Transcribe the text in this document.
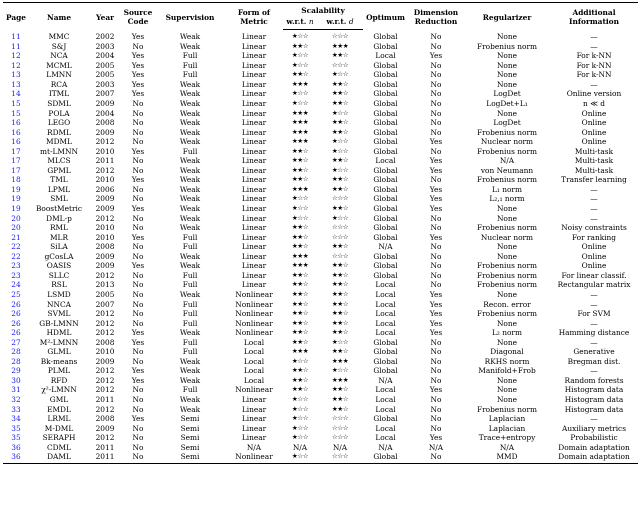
Page	Name	Year	Source
Code	Supervision	Form of
Metric	Scalability		Optimum	Dimension
Reduction	Regularizer	Additional
Information

						w.r.t. n	w.r.t. d				

11	MMC	2002	Yes	Weak	Linear	★☆☆	☆☆☆	Global	No	None	—
11	S&J	2003	No	Weak	Linear	★★☆	★★★	Global	No	Frobenius norm	—
12	NCA	2004	Yes	Full	Linear	★☆☆	★★☆	Local	Yes	None	For k-NN
12	MCML	2005	Yes	Full	Linear	★☆☆	☆☆☆	Global	No	None	For k-NN
13	LMNN	2005	Yes	Full	Linear	★★☆	★☆☆	Global	No	None	For k-NN
13	RCA	2003	Yes	Weak	Linear	★★★	★★☆	Global	No	None	—
14	ITML	2007	Yes	Weak	Linear	★☆☆	★★☆	Global	No	LogDet	Online version
15	SDML	2009	No	Weak	Linear	★☆☆	★★☆	Global	No	LogDet+L₁	n ≪ d
15	POLA	2004	No	Weak	Linear	★★★	★☆☆	Global	No	None	Online
16	LEGO	2008	No	Weak	Linear	★★★	★★☆	Global	No	LogDet	Online
16	RDML	2009	No	Weak	Linear	★★★	★★☆	Global	No	Frobenius norm	Online
16	MDML	2012	No	Weak	Linear	★★★	★☆☆	Global	Yes	Nuclear norm	Online
17	mt-LMNN	2010	Yes	Full	Linear	★★☆	★☆☆	Global	No	Frobenius norm	Multi-task
17	MLCS	2011	No	Weak	Linear	★★☆	★★☆	Local	Yes	N/A	Multi-task
17	GPML	2012	No	Weak	Linear	★★☆	★☆☆	Global	Yes	von Neumann	Multi-task
18	TML	2010	Yes	Weak	Linear	★★☆	★★☆	Global	No	Frobenius norm	Transfer learning
19	LPML	2006	No	Weak	Linear	★★★	★★☆	Global	Yes	L₁ norm	—
19	SML	2009	No	Weak	Linear	★☆☆	☆☆☆	Global	Yes	L₂,₁ norm	—
19	BoostMetric	2009	Yes	Weak	Linear	★☆☆	★★☆	Global	Yes	None	—
20	DML-p	2012	No	Weak	Linear	★☆☆	★☆☆	Global	No	None	—
20	RML	2010	No	Weak	Linear	★★☆	☆☆☆	Global	No	Frobenius norm	Noisy constraints
21	MLR	2010	Yes	Full	Linear	★★☆	☆☆☆	Global	Yes	Nuclear norm	For ranking
22	SiLA	2008	No	Full	Linear	★★☆	★★☆	N/A	No	None	Online
22	gCosLA	2009	No	Weak	Linear	★★★	☆☆☆	Global	No	None	Online
23	OASIS	2009	Yes	Weak	Linear	★★★	★★☆	Global	No	Frobenius norm	Online
23	SLLC	2012	No	Full	Linear	★★☆	★★☆	Global	No	Frobenius norm	For linear classif.
24	RSL	2013	No	Full	Linear	★★☆	★★☆	Local	No	Frobenius norm	Rectangular matrix
25	LSMD	2005	No	Weak	Nonlinear	★★☆	★★☆	Local	Yes	None	—
26	NNCA	2007	No	Full	Nonlinear	★★☆	★★☆	Local	Yes	Recon. error	—
26	SVML	2012	No	Full	Nonlinear	★★☆	★★☆	Local	Yes	Frobenius norm	For SVM
26	GB-LMNN	2012	No	Full	Nonlinear	★★☆	★★☆	Local	Yes	None	—
26	HDML	2012	Yes	Weak	Nonlinear	★★☆	★★☆	Local	Yes	L₂ norm	Hamming distance
27	M²-LMNN	2008	Yes	Full	Local	★★☆	★☆☆	Global	No	None	—
28	GLML	2010	No	Full	Local	★★★	★★☆	Global	No	Diagonal	Generative
28	Bk-means	2009	No	Weak	Local	★☆☆	★★★	Global	No	RKHS norm	Bregman dist.
29	PLML	2012	Yes	Weak	Local	★★☆	★☆☆	Global	No	Manifold+Frob	—
30	RFD	2012	Yes	Weak	Local	★★☆	★★★	N/A	No	None	Random forests
31	χ²-LMNN	2012	No	Full	Nonlinear	★★☆	★★☆	Local	Yes	None	Histogram data
32	GML	2011	No	Weak	Linear	★☆☆	★★☆	Local	No	None	Histogram data
33	EMDL	2012	No	Weak	Linear	★☆☆	★★☆	Local	No	Frobenius norm	Histogram data
34	LRML	2008	Yes	Semi	Linear	★☆☆	☆☆☆	Global	No	Laplacian	—
35	M-DML	2009	No	Semi	Linear	★☆☆	☆☆☆	Local	No	Laplacian	Auxiliary metrics
35	SERAPH	2012	No	Semi	Linear	★☆☆	☆☆☆	Local	Yes	Trace+entropy	Probabilistic
36	CDML	2011	No	Semi	N/A	N/A	N/A	N/A	N/A	N/A	Domain adaptation
36	DAML	2011	No	Semi	Nonlinear	★☆☆	☆☆☆	Global	No	MMD	Domain adaptation
